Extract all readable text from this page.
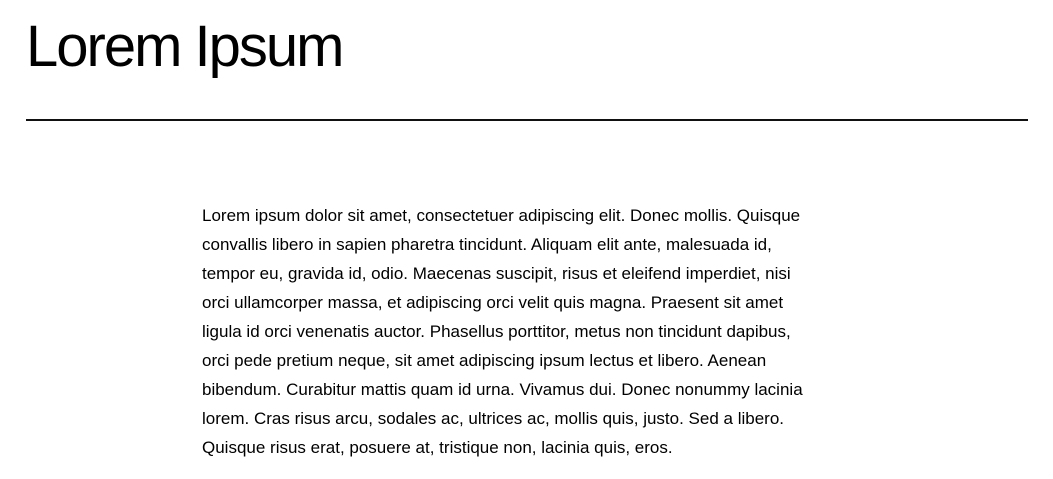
Lorem Ipsum

Lorem ipsum dolor sit amet, consectetuer adipiscing elit. Donec mollis. Quisque
convallis libero in sapien pharetra tincidunt. Aliquam elit ante, malesuada id,
tempor eu, gravida id, odio. Maecenas suscipit, risus et eleifend imperdiet, nisi
orci ullamcorper massa, et adipiscing orci velit quis magna. Praesent sit amet
ligula id orci venenatis auctor. Phasellus porttitor, metus non tincidunt dapibus,
orci pede pretium neque, sit amet adipiscing ipsum lectus et libero. Aenean
bibendum. Curabitur mattis quam id urna. Vivamus dui. Donec nonummy lacinia
lorem. Cras risus arcu, sodales ac, ultrices ac, mollis quis, justo. Sed a libero.
Quisque risus erat, posuere at, tristique non, lacinia quis, eros.
